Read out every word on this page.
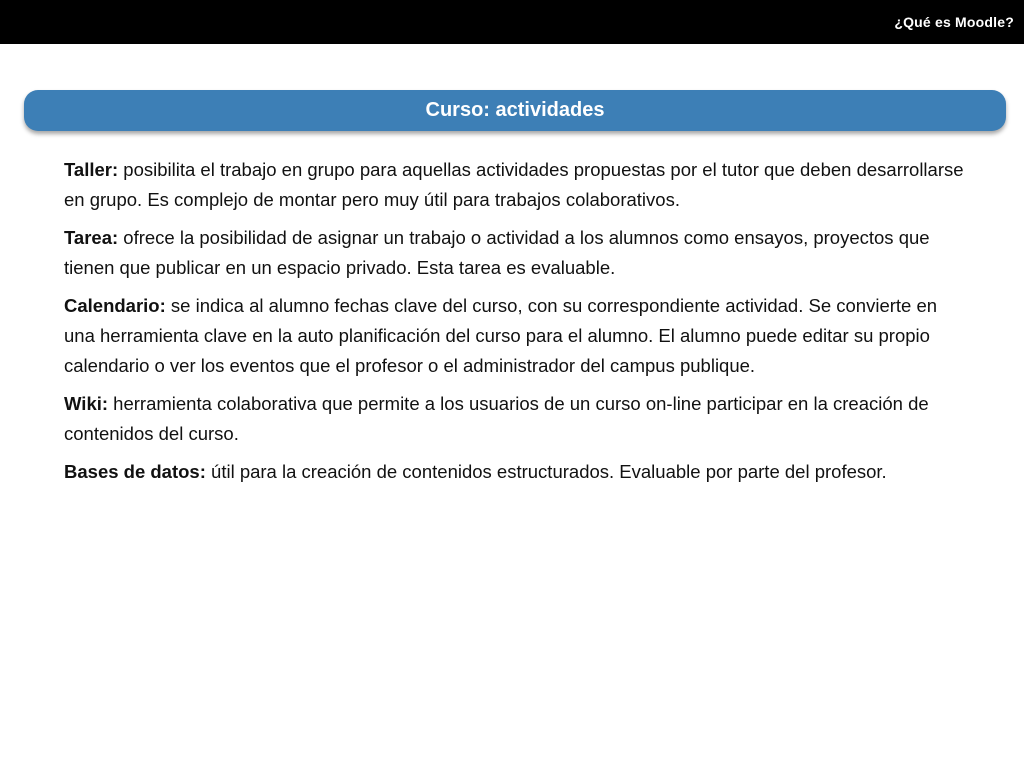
¿Qué es Moodle?
Curso: actividades

Taller: posibilita el trabajo en grupo para aquellas actividades propuestas por el tutor que deben desarrollarse en grupo. Es complejo de montar pero muy útil para trabajos colaborativos.

Tarea: ofrece la posibilidad de asignar un trabajo o actividad a los alumnos como ensayos, proyectos que tienen que publicar en un espacio privado. Esta tarea es evaluable.

Calendario: se indica al alumno fechas clave del curso, con su correspondiente actividad. Se convierte en una herramienta clave en la auto planificación del curso para el alumno. El alumno puede editar su propio calendario o ver los eventos que el profesor o el administrador del campus publique.

Wiki: herramienta colaborativa que permite a los usuarios de un curso on-line participar en la creación de contenidos del curso.

Bases de datos: útil para la creación de contenidos estructurados. Evaluable por parte del profesor.
